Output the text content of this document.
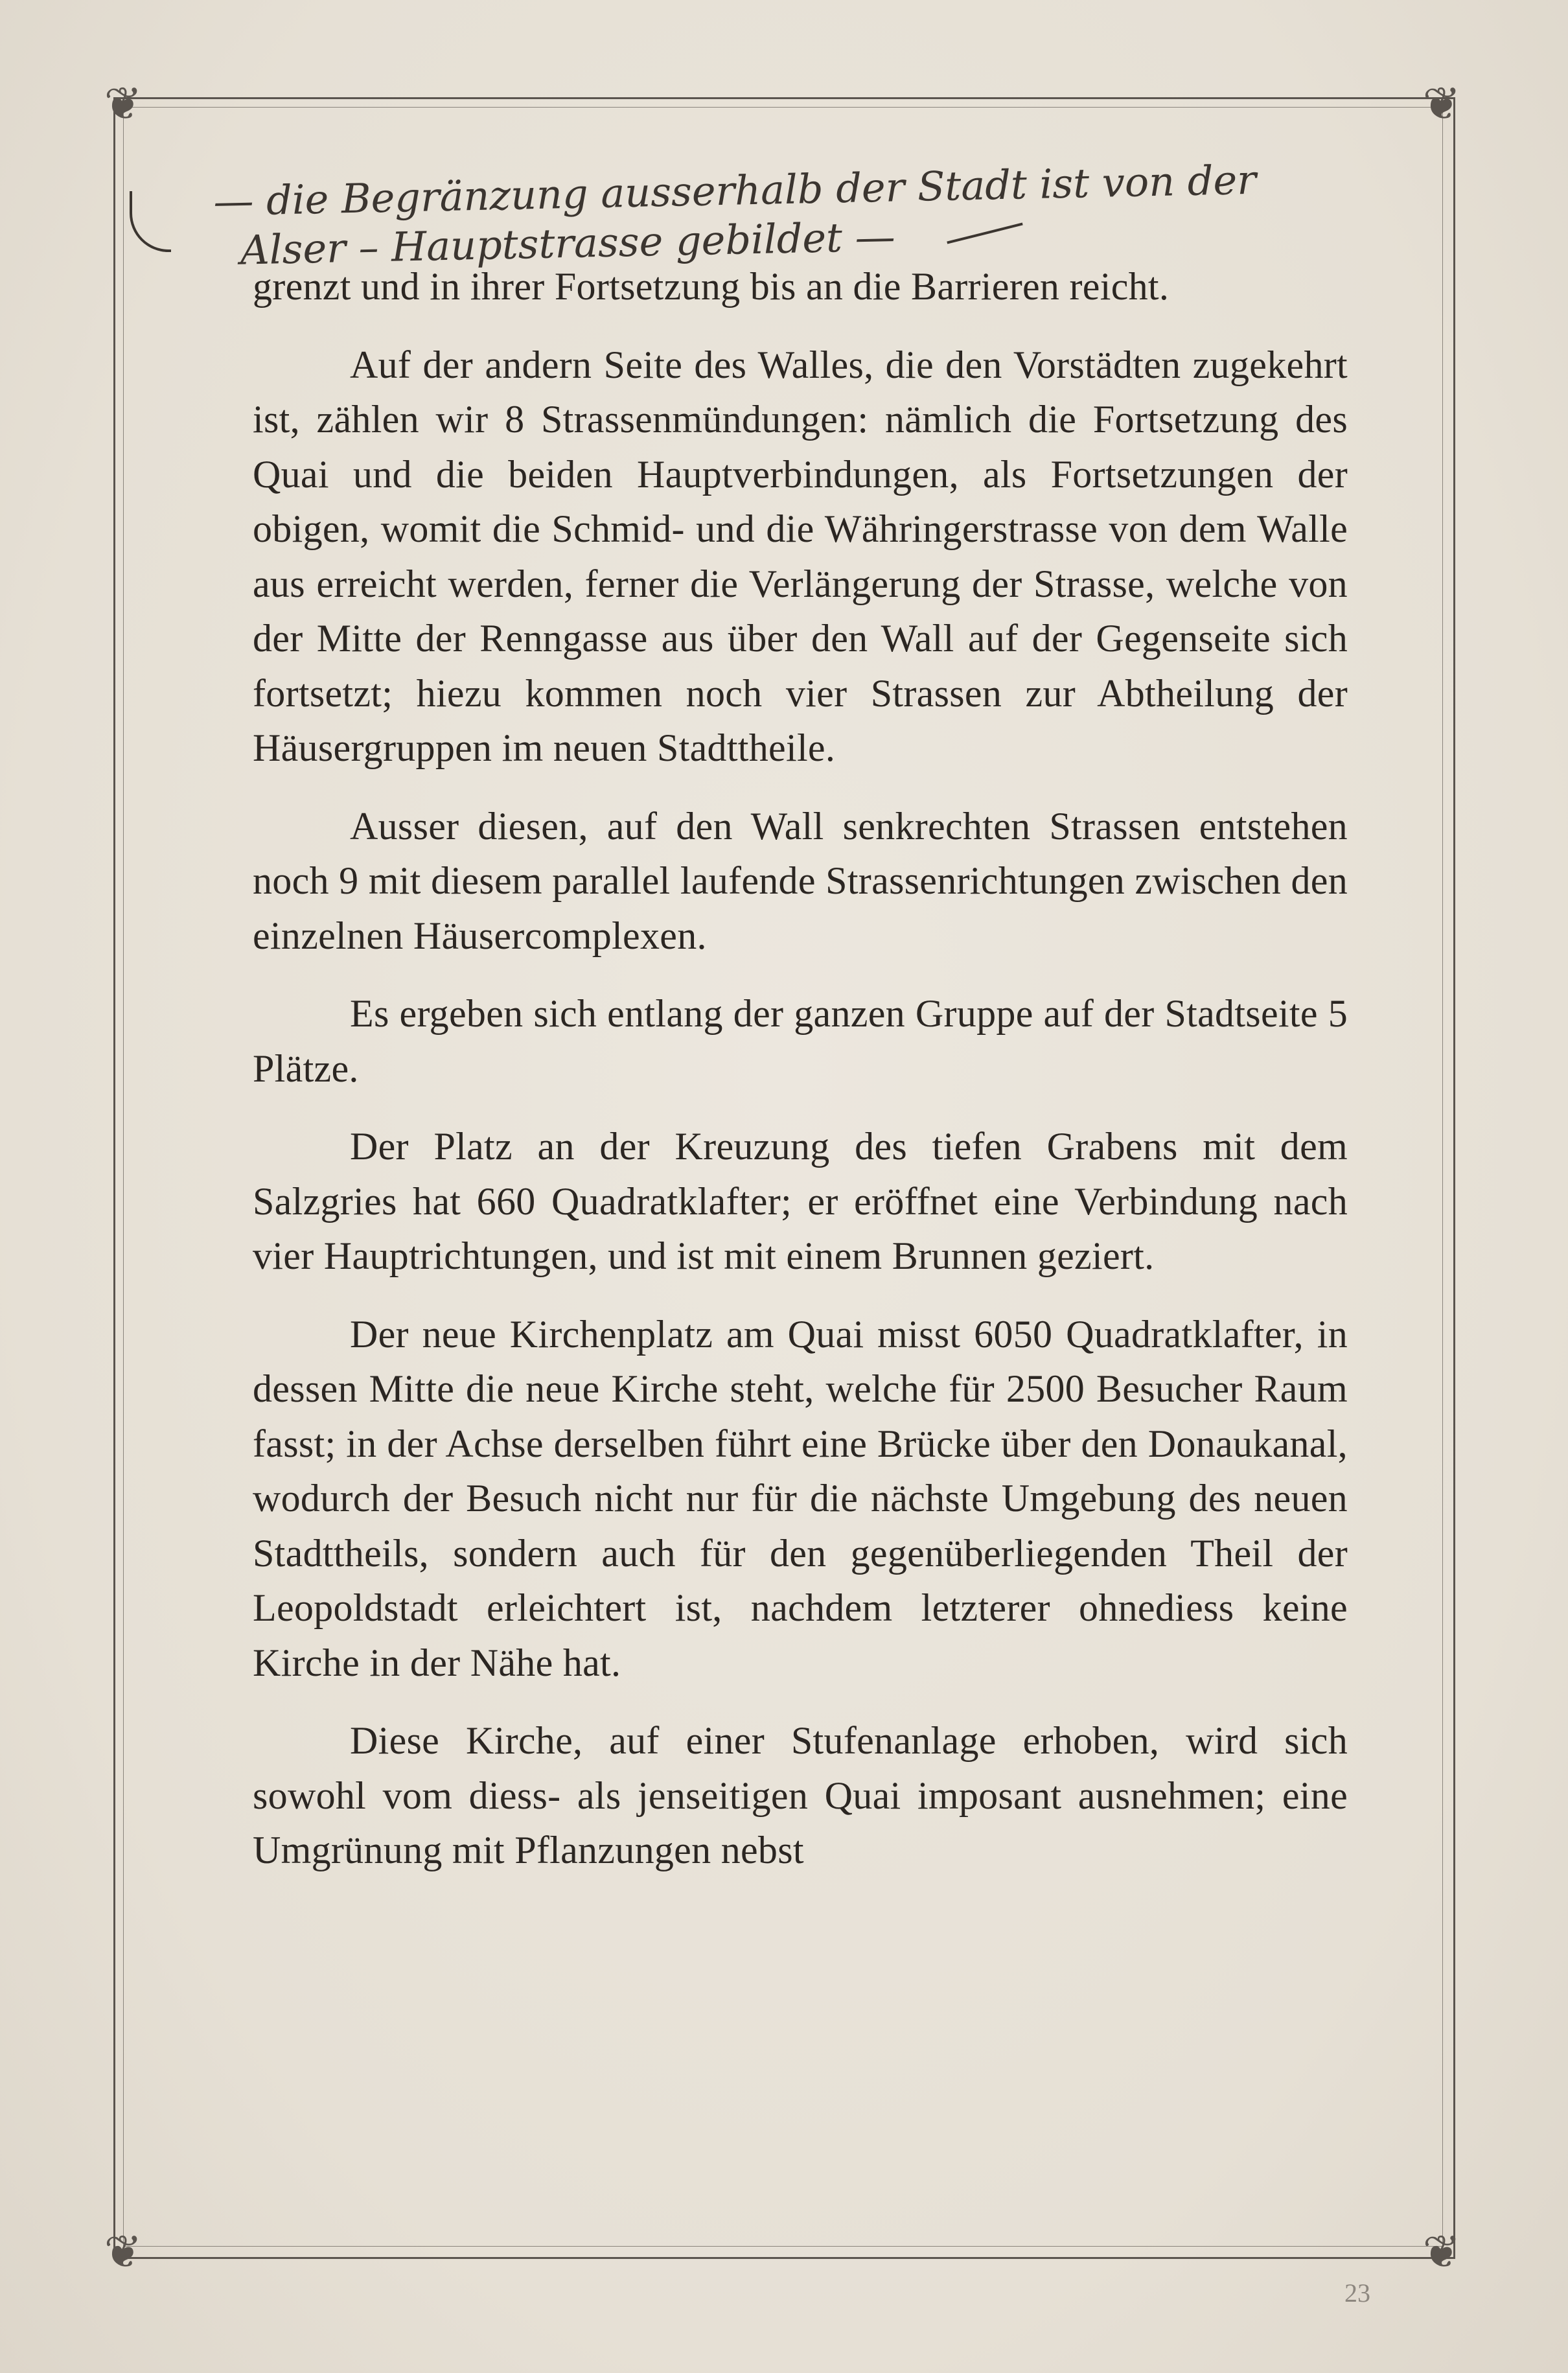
❦	❦
❦	❦
— die Begränzung ausserhalb der Stadt ist von der
Alser – Hauptstrasse gebildet —

grenzt und in ihrer Fortsetzung bis an die Barrieren reicht.

Auf der andern Seite des Walles, die den Vorstädten zugekehrt ist, zählen wir 8 Strassenmündungen: nämlich die Fortsetzung des Quai und die beiden Hauptverbindungen, als Fortsetzungen der obigen, womit die Schmid- und die Währingerstrasse von dem Walle aus erreicht werden, ferner die Verlängerung der Strasse, welche von der Mitte der Renngasse aus über den Wall auf der Gegenseite sich fortsetzt; hiezu kommen noch vier Strassen zur Abtheilung der Häusergruppen im neuen Stadttheile.

Ausser diesen, auf den Wall senkrechten Strassen entstehen noch 9 mit diesem parallel laufende Strassenrichtungen zwischen den einzelnen Häusercomplexen.

Es ergeben sich entlang der ganzen Gruppe auf der Stadtseite 5 Plätze.

Der Platz an der Kreuzung des tiefen Grabens mit dem Salzgries hat 660 Quadratklafter; er eröffnet eine Verbindung nach vier Hauptrichtungen, und ist mit einem Brunnen geziert.

Der neue Kirchenplatz am Quai misst 6050 Quadratklafter, in dessen Mitte die neue Kirche steht, welche für 2500 Besucher Raum fasst; in der Achse derselben führt eine Brücke über den Donaukanal, wodurch der Besuch nicht nur für die nächste Umgebung des neuen Stadttheils, sondern auch für den gegenüberliegenden Theil der Leopoldstadt erleichtert ist, nachdem letzterer ohnediess keine Kirche in der Nähe hat.

Diese Kirche, auf einer Stufenanlage erhoben, wird sich sowohl vom diess- als jenseitigen Quai imposant ausnehmen; eine Umgrünung mit Pflanzungen nebst

23
